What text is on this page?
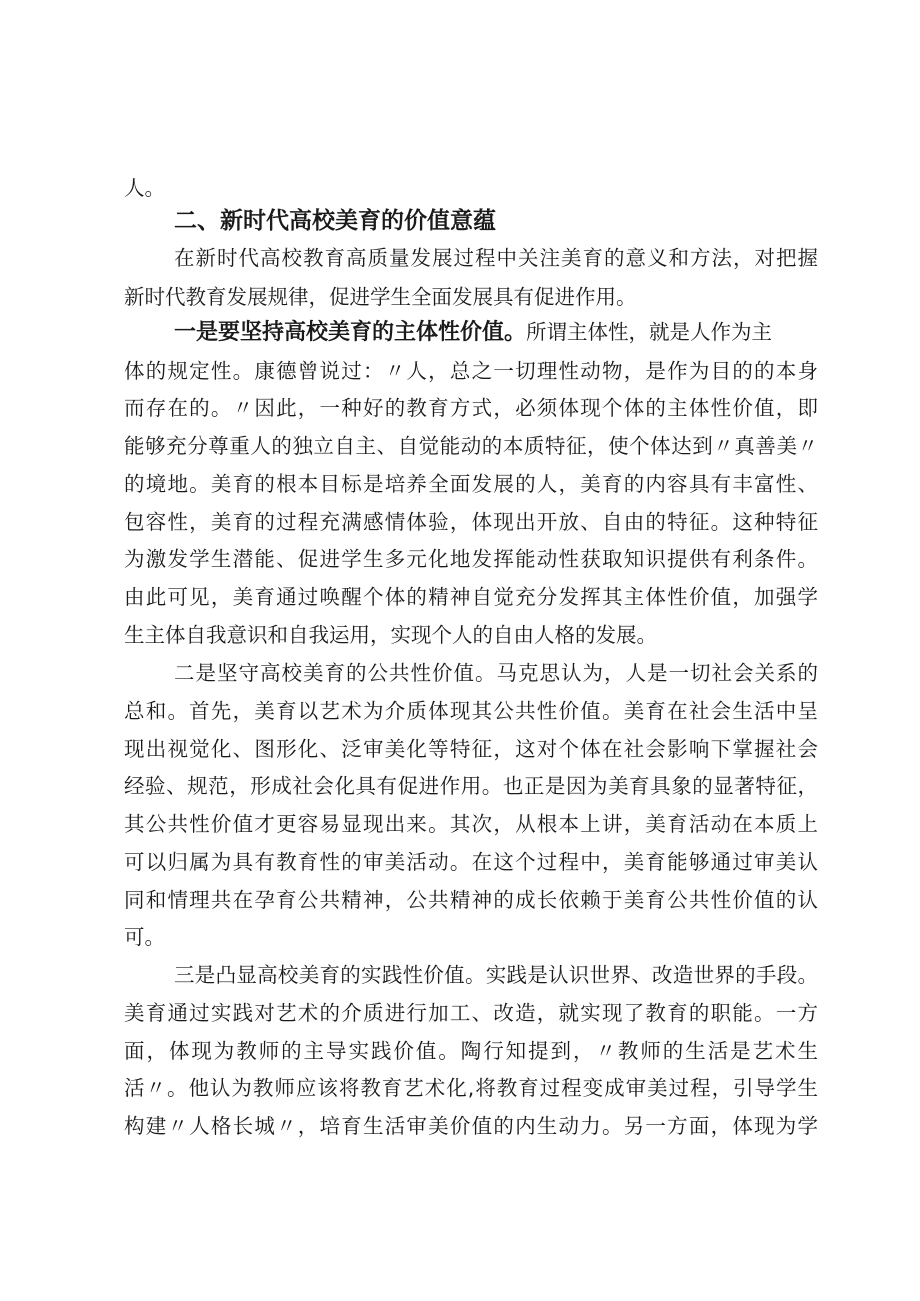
人。
二、新时代高校美育的价值意蕴
在新时代高校教育高质量发展过程中关注美育的意义和方法，对把握
新时代教育发展规律，促进学生全面发展具有促进作用。
一是要坚持高校美育的主体性价值。所谓主体性，就是人作为主
体的规定性。康德曾说过：〃人，总之一切理性动物，是作为目的的本身
而存在的。〃因此，一种好的教育方式，必须体现个体的主体性价值，即
能够充分尊重人的独立自主、自觉能动的本质特征，使个体达到〃真善美〃
的境地。美育的根本目标是培养全面发展的人，美育的内容具有丰富性、
包容性，美育的过程充满感情体验，体现出开放、自由的特征。这种特征
为激发学生潜能、促进学生多元化地发挥能动性获取知识提供有利条件。
由此可见，美育通过唤醒个体的精神自觉充分发挥其主体性价值，加强学
生主体自我意识和自我运用，实现个人的自由人格的发展。
二是坚守高校美育的公共性价值。马克思认为，人是一切社会关系的
总和。首先，美育以艺术为介质体现其公共性价值。美育在社会生活中呈
现出视觉化、图形化、泛审美化等特征，这对个体在社会影响下掌握社会
经验、规范，形成社会化具有促进作用。也正是因为美育具象的显著特征，
其公共性价值才更容易显现出来。其次，从根本上讲，美育活动在本质上
可以归属为具有教育性的审美活动。在这个过程中，美育能够通过审美认
同和情理共在孕育公共精神，公共精神的成长依赖于美育公共性价值的认
可。
三是凸显高校美育的实践性价值。实践是认识世界、改造世界的手段。
美育通过实践对艺术的介质进行加工、改造，就实现了教育的职能。一方
面，体现为教师的主导实践价值。陶行知提到，〃教师的生活是艺术生
活〃。他认为教师应该将教育艺术化,将教育过程变成审美过程，引导学生
构建〃人格长城〃，培育生活审美价值的内生动力。另一方面，体现为学
